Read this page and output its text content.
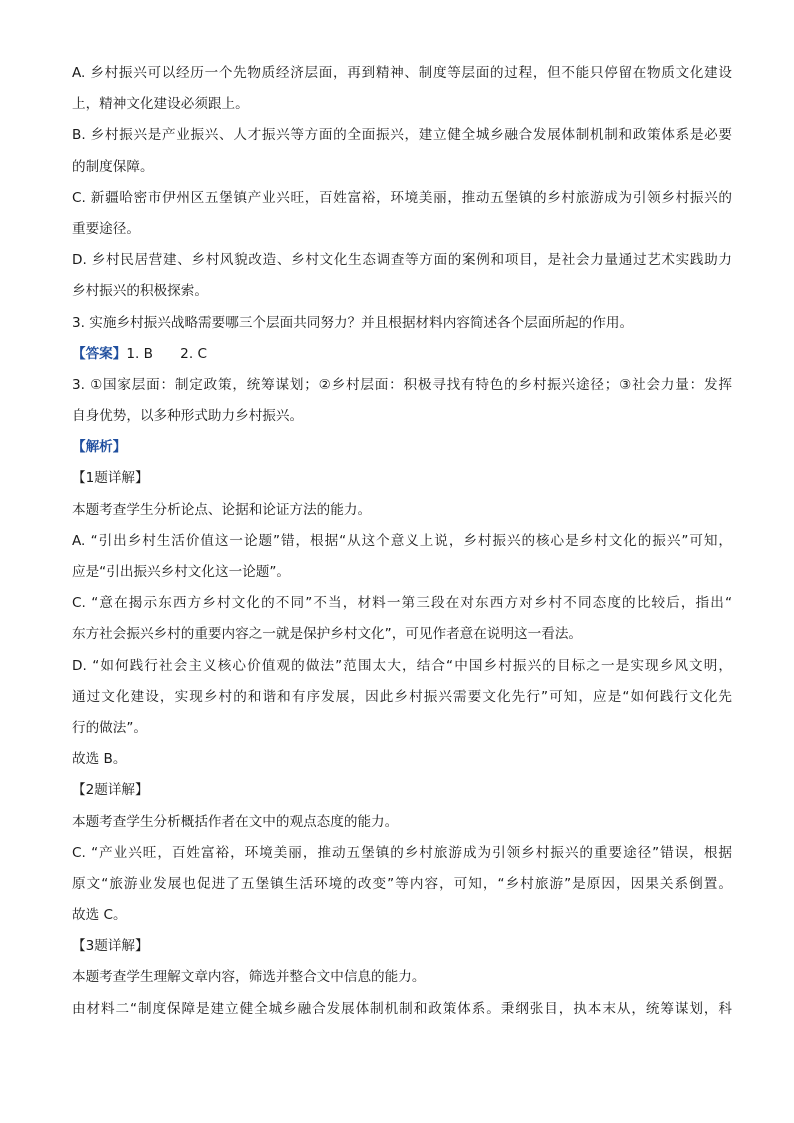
A. 乡村振兴可以经历一个先物质经济层面，再到精神、制度等层面的过程，但不能只停留在物质文化建设
上，精神文化建设必须跟上。
B. 乡村振兴是产业振兴、人才振兴等方面的全面振兴，建立健全城乡融合发展体制机制和政策体系是必要
的制度保障。
C. 新疆哈密市伊州区五堡镇产业兴旺，百姓富裕，环境美丽，推动五堡镇的乡村旅游成为引领乡村振兴的
重要途径。
D. 乡村民居营建、乡村风貌改造、乡村文化生态调查等方面的案例和项目，是社会力量通过艺术实践助力
乡村振兴的积极探索。
3. 实施乡村振兴战略需要哪三个层面共同努力？并且根据材料内容简述各个层面所起的作用。
【答案】1. B　　2. C
3. ①国家层面：制定政策，统筹谋划；②乡村层面：积极寻找有特色的乡村振兴途径；③社会力量：发挥
自身优势，以多种形式助力乡村振兴。
【解析】
【1题详解】
本题考查学生分析论点、论据和论证方法的能力。
A. “引出乡村生活价值这一论题”错，根据“从这个意义上说，乡村振兴的核心是乡村文化的振兴”可知，
应是“引出振兴乡村文化这一论题”。
C. “意在揭示东西方乡村文化的不同”不当，材料一第三段在对东西方对乡村不同态度的比较后，指出“
东方社会振兴乡村的重要内容之一就是保护乡村文化”，可见作者意在说明这一看法。
D. “如何践行社会主义核心价值观的做法”范围太大，结合“中国乡村振兴的目标之一是实现乡风文明，
通过文化建设，实现乡村的和谐和有序发展，因此乡村振兴需要文化先行”可知，应是“如何践行文化先
行的做法”。
故选 B。
【2题详解】
本题考查学生分析概括作者在文中的观点态度的能力。
C. “产业兴旺，百姓富裕，环境美丽，推动五堡镇的乡村旅游成为引领乡村振兴的重要途径”错误，根据
原文“旅游业发展也促进了五堡镇生活环境的改变”等内容，可知，“乡村旅游”是原因，因果关系倒置。
故选 C。
【3题详解】
本题考查学生理解文章内容，筛选并整合文中信息的能力。
由材料二“制度保障是建立健全城乡融合发展体制机制和政策体系。秉纲张目，执本末从，统筹谋划，科
